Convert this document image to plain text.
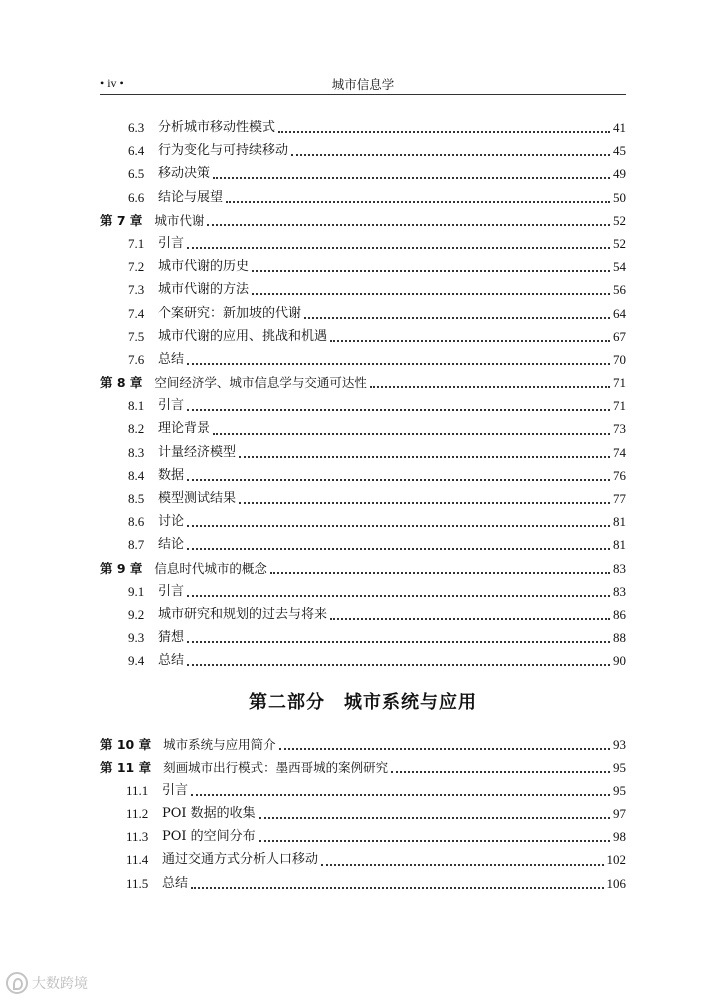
• iv •	城市信息学
6.3	分析城市移动性模式	41
6.4	行为变化与可持续移动	45
6.5	移动决策	49
6.6	结论与展望	50
第 7 章 城市代谢	52
7.1	引言	52
7.2	城市代谢的历史	54
7.3	城市代谢的方法	56
7.4	个案研究：新加坡的代谢	64
7.5	城市代谢的应用、挑战和机遇	67
7.6	总结	70
第 8 章 空间经济学、城市信息学与交通可达性	71
8.1	引言	71
8.2	理论背景	73
8.3	计量经济模型	74
8.4	数据	76
8.5	模型测试结果	77
8.6	讨论	81
8.7	结论	81
第 9 章 信息时代城市的概念	83
9.1	引言	83
9.2	城市研究和规划的过去与将来	86
9.3	猜想	88
9.4	总结	90
第二部分　城市系统与应用
第 10 章 城市系统与应用简介	93
第 11 章 刻画城市出行模式：墨西哥城的案例研究	95
11.1	引言	95
11.2	POI 数据的收集	97
11.3	POI 的空间分布	98
11.4	通过交通方式分析人口移动	102
11.5	总结	106
大数跨境
